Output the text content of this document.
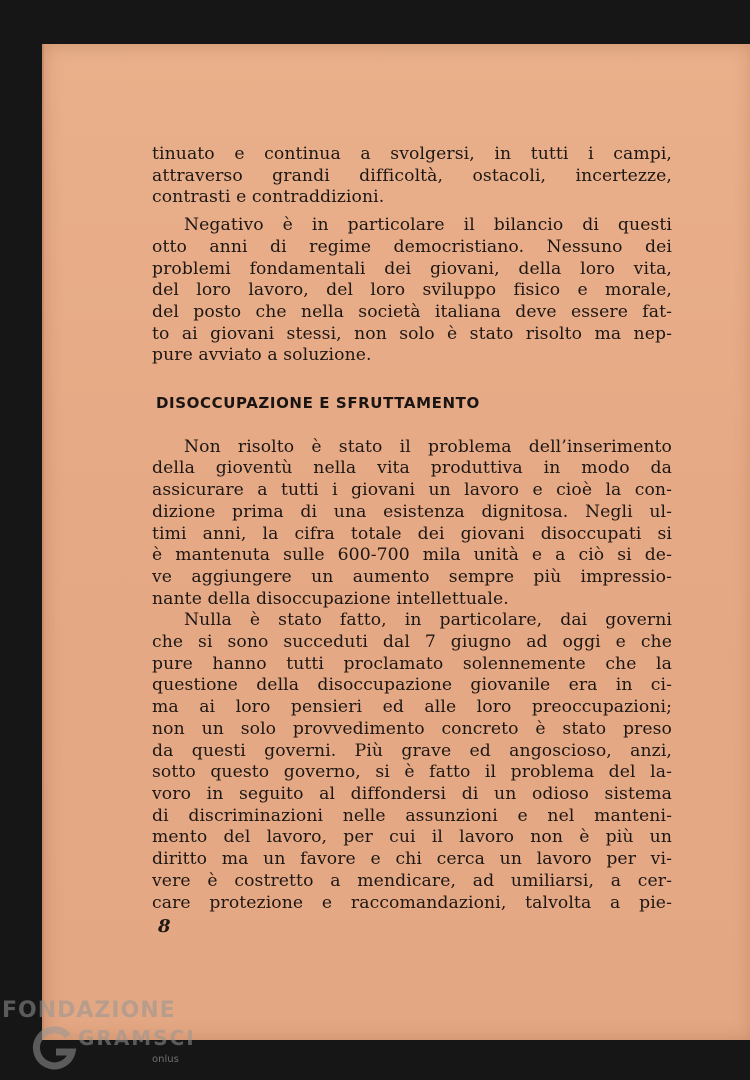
tinuato e continua a svolgersi, in tutti i campi,
attraverso grandi difficoltà, ostacoli, incertezze,
contrasti e contraddizioni.

Negativo è in particolare il bilancio di questi
otto anni di regime democristiano. Nessuno dei
problemi fondamentali dei giovani, della loro vita,
del loro lavoro, del loro sviluppo fisico e morale,
del posto che nella società italiana deve essere fat-
to ai giovani stessi, non solo è stato risolto ma nep-
pure avviato a soluzione.

DISOCCUPAZIONE E SFRUTTAMENTO

Non risolto è stato il problema dell’inserimento
della gioventù nella vita produttiva in modo da
assicurare a tutti i giovani un lavoro e cioè la con-
dizione prima di una esistenza dignitosa. Negli ul-
timi anni, la cifra totale dei giovani disoccupati si
è mantenuta sulle 600-700 mila unità e a ciò si de-
ve aggiungere un aumento sempre più impressio-
nante della disoccupazione intellettuale.

Nulla è stato fatto, in particolare, dai governi
che si sono succeduti dal 7 giugno ad oggi e che
pure hanno tutti proclamato solennemente che la
questione della disoccupazione giovanile era in ci-
ma ai loro pensieri ed alle loro preoccupazioni;
non un solo provvedimento concreto è stato preso
da questi governi. Più grave ed angoscioso, anzi,
sotto questo governo, si è fatto il problema del la-
voro in seguito al diffondersi di un odioso sistema
di discriminazioni nelle assunzioni e nel manteni-
mento del lavoro, per cui il lavoro non è più un
diritto ma un favore e chi cerca un lavoro per vi-
vere è costretto a mendicare, ad umiliarsi, a cer-
care protezione e raccomandazioni, talvolta a pie-

8
FONDAZIONE
GRAMSCI
onlus
